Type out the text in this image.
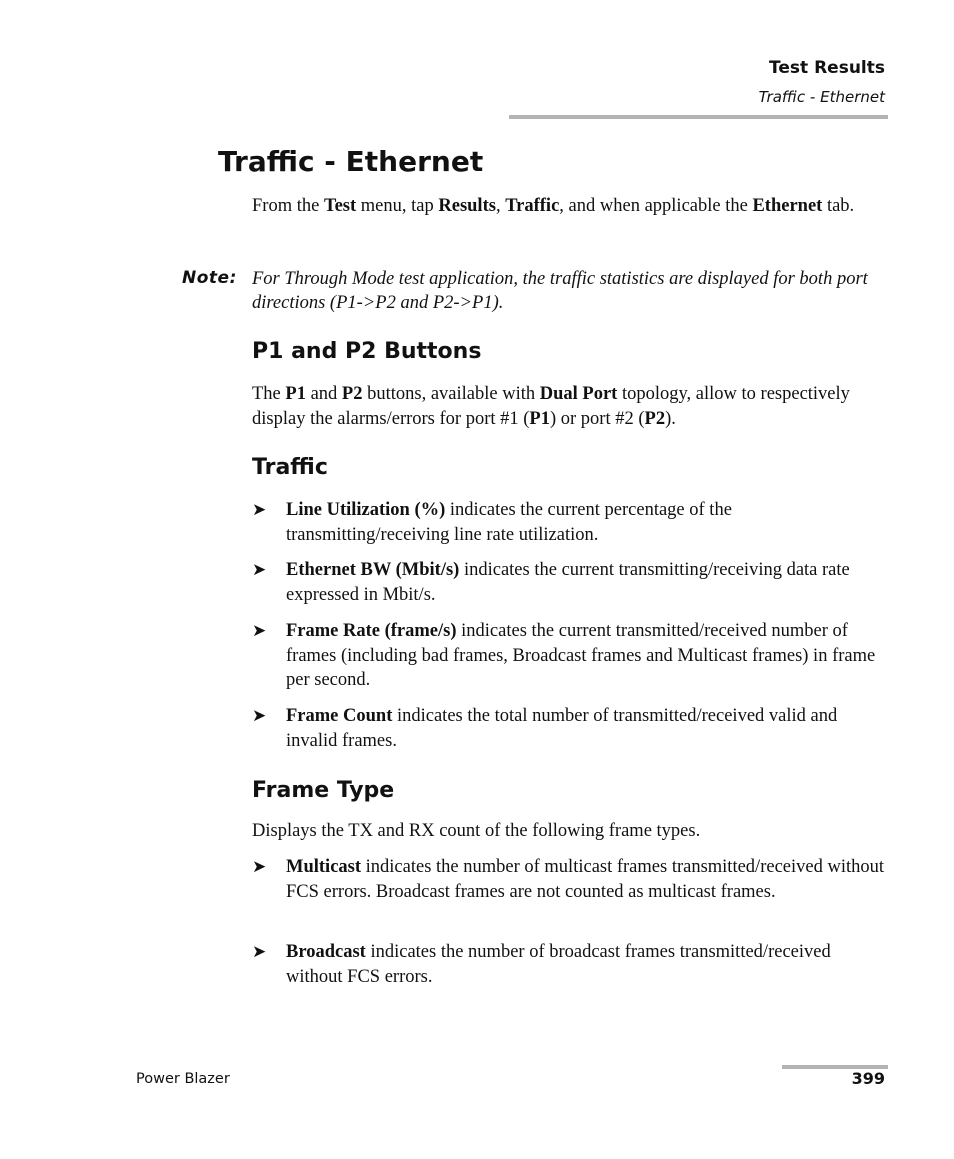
Test Results
Traffic - Ethernet
Traffic - Ethernet

From the Test menu, tap Results, Traffic, and when applicable the Ethernet tab.

Note: For Through Mode test application, the traffic statistics are displayed for both port directions (P1->P2 and P2->P1).

P1 and P2 Buttons

The P1 and P2 buttons, available with Dual Port topology, allow to respectively display the alarms/errors for port #1 (P1) or port #2 (P2).

Traffic
➤ Line Utilization (%) indicates the current percentage of the transmitting/receiving line rate utilization.

➤ Ethernet BW (Mbit/s) indicates the current transmitting/receiving data rate expressed in Mbit/s.

➤ Frame Rate (frame/s) indicates the current transmitted/received number of frames (including bad frames, Broadcast frames and Multicast frames) in frame per second.

➤ Frame Count indicates the total number of transmitted/received valid and invalid frames.

Frame Type

Displays the TX and RX count of the following frame types.

➤ Multicast indicates the number of multicast frames transmitted/received without FCS errors. Broadcast frames are not counted as multicast frames.

➤ Broadcast indicates the number of broadcast frames transmitted/received without FCS errors.

Power Blazer	399
